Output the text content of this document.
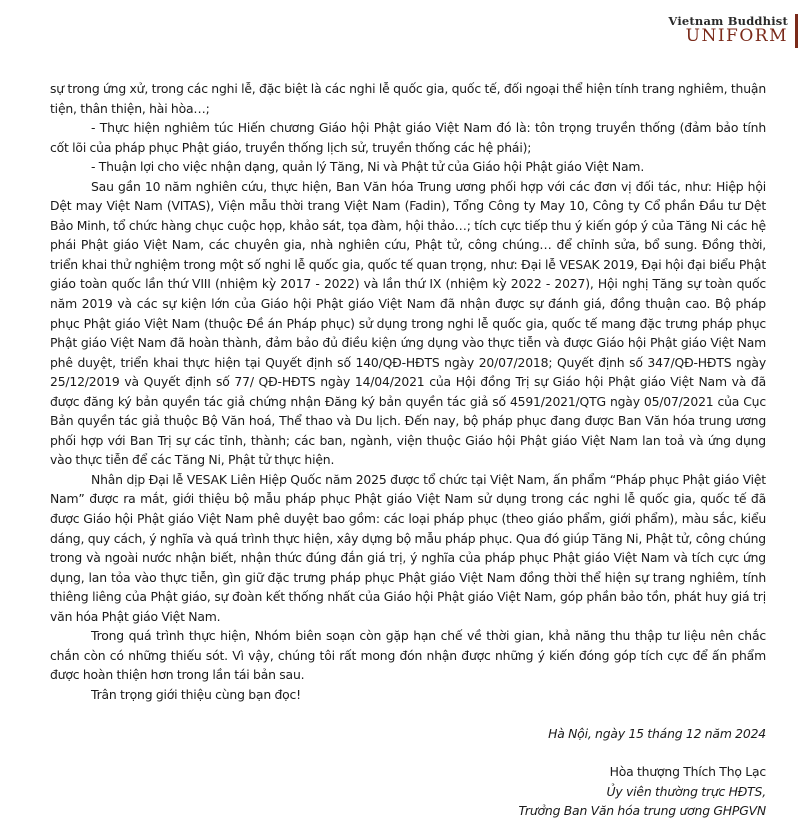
Vietnam Buddhist
UNIFORM

sự trong ứng xử, trong các nghi lễ, đặc biệt là các nghi lễ quốc gia, quốc tế, đối ngoại thể hiện tính trang nghiêm, thuận tiện, thân thiện, hài hòa…;

- Thực hiện nghiêm túc Hiến chương Giáo hội Phật giáo Việt Nam đó là: tôn trọng truyền thống (đảm bảo tính cốt lõi của pháp phục Phật giáo, truyền thống lịch sử, truyền thống các hệ phái);

- Thuận lợi cho việc nhận dạng, quản lý Tăng, Ni và Phật tử của Giáo hội Phật giáo Việt Nam.

Sau gần 10 năm nghiên cứu, thực hiện, Ban Văn hóa Trung ương phối hợp với các đơn vị đối tác, như: Hiệp hội Dệt may Việt Nam (VITAS), Viện mẫu thời trang Việt Nam (Fadin), Tổng Công ty May 10, Công ty Cổ phần Đầu tư Dệt Bảo Minh, tổ chức hàng chục cuộc họp, khảo sát, tọa đàm, hội thảo…; tích cực tiếp thu ý kiến góp ý của Tăng Ni các hệ phái Phật giáo Việt Nam, các chuyên gia, nhà nghiên cứu, Phật tử, công chúng… để chỉnh sửa, bổ sung. Đồng thời, triển khai thử nghiệm trong một số nghi lễ quốc gia, quốc tế quan trọng, như: Đại lễ VESAK 2019, Đại hội đại biểu Phật giáo toàn quốc lần thứ VIII (nhiệm kỳ 2017 - 2022) và lần thứ IX (nhiệm kỳ 2022 - 2027), Hội nghị Tăng sự toàn quốc năm 2019 và các sự kiện lớn của Giáo hội Phật giáo Việt Nam đã nhận được sự đánh giá, đồng thuận cao. Bộ pháp phục Phật giáo Việt Nam (thuộc Đề án Pháp phục) sử dụng trong nghi lễ quốc gia, quốc tế mang đặc trưng pháp phục Phật giáo Việt Nam đã hoàn thành, đảm bảo đủ điều kiện ứng dụng vào thực tiễn và được Giáo hội Phật giáo Việt Nam phê duyệt, triển khai thực hiện tại Quyết định số 140/QĐ-HĐTS ngày 20/07/2018; Quyết định số 347/QĐ-HĐTS ngày 25/12/2019 và Quyết định số 77/ QĐ-HĐTS ngày 14/04/2021 của Hội đồng Trị sự Giáo hội Phật giáo Việt Nam và đã được đăng ký bản quyền tác giả chứng nhận Đăng ký bản quyền tác giả số 4591/2021/QTG ngày 05/07/2021 của Cục Bản quyền tác giả thuộc Bộ Văn hoá, Thể thao và Du lịch. Đến nay, bộ pháp phục đang được Ban Văn hóa trung ương phối hợp với Ban Trị sự các tỉnh, thành; các ban, ngành, viện thuộc Giáo hội Phật giáo Việt Nam lan toả và ứng dụng vào thực tiễn để các Tăng Ni, Phật tử thực hiện.

Nhân dịp Đại lễ VESAK Liên Hiệp Quốc năm 2025 được tổ chức tại Việt Nam, ấn phẩm “Pháp phục Phật giáo Việt Nam” được ra mắt, giới thiệu bộ mẫu pháp phục Phật giáo Việt Nam sử dụng trong các nghi lễ quốc gia, quốc tế đã được Giáo hội Phật giáo Việt Nam phê duyệt bao gồm: các loại pháp phục (theo giáo phẩm, giới phẩm), màu sắc, kiểu dáng, quy cách, ý nghĩa và quá trình thực hiện, xây dựng bộ mẫu pháp phục. Qua đó giúp Tăng Ni, Phật tử, công chúng trong và ngoài nước nhận biết, nhận thức đúng đắn giá trị, ý nghĩa của pháp phục Phật giáo Việt Nam và tích cực ứng dụng, lan tỏa vào thực tiễn, gìn giữ đặc trưng pháp phục Phật giáo Việt Nam đồng thời thể hiện sự trang nghiêm, tính thiêng liêng của Phật giáo, sự đoàn kết thống nhất của Giáo hội Phật giáo Việt Nam, góp phần bảo tồn, phát huy giá trị văn hóa Phật giáo Việt Nam.

Trong quá trình thực hiện, Nhóm biên soạn còn gặp hạn chế về thời gian, khả năng thu thập tư liệu nên chắc chắn còn có những thiếu sót. Vì vậy, chúng tôi rất mong đón nhận được những ý kiến đóng góp tích cực để ấn phẩm được hoàn thiện hơn trong lần tái bản sau.

Trân trọng giới thiệu cùng bạn đọc!

Hà Nội, ngày 15 tháng 12 năm 2024

Hòa thượng Thích Thọ Lạc

Ủy viên thường trực HĐTS,

Trưởng Ban Văn hóa trung ương GHPGVN
